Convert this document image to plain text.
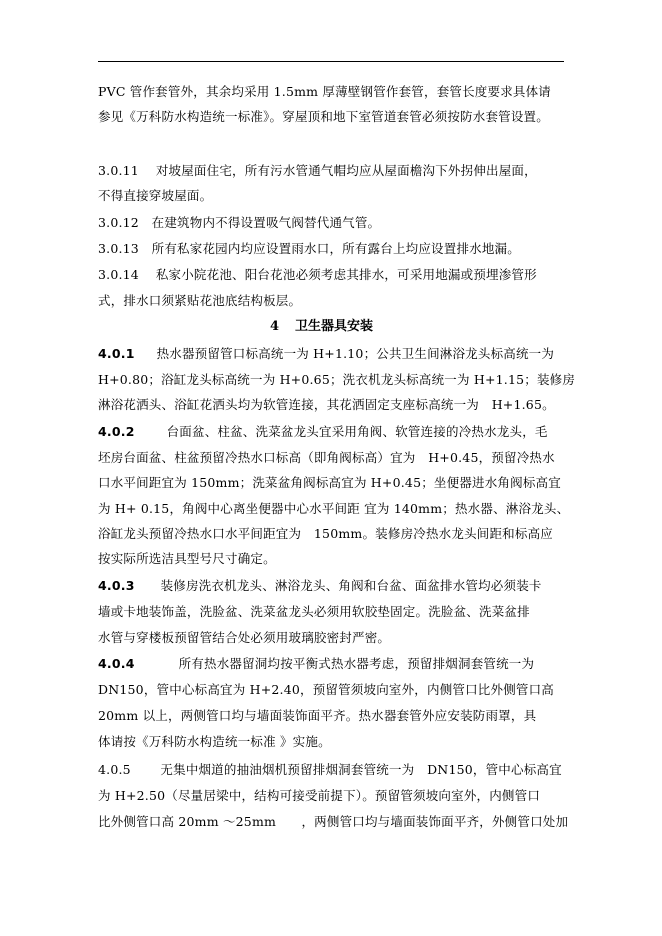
PVC 管作套管外，其余均采用 1.5mm 厚薄壁钢管作套管，套管长度要求具体请
参见《万科防水构造统一标准》。穿屋顶和地下室管道套管必须按防水套管设置。
3.0.11　 对坡屋面住宅，所有污水管通气帽均应从屋面檐沟下外拐伸出屋面，
不得直接穿坡屋面。
3.0.12　在建筑物内不得设置吸气阀替代通气管。
3.0.13　所有私家花园内均应设置雨水口，所有露台上均应设置排水地漏。
3.0.14　 私家小院花池、阳台花池必须考虑其排水，可采用地漏或预埋渗管形
式，排水口须紧贴花池底结构板层。
4 卫生器具安装
4.0.1 热水器预留管口标高统一为 H+1.10；公共卫生间淋浴龙头标高统一为
H+0.80；浴缸龙头标高统一为 H+0.65；洗衣机龙头标高统一为 H+1.15；装修房
淋浴花洒头、浴缸花洒头均为软管连接，其花洒固定支座标高统一为　H+1.65。
4.0.2	台面盆、柱盆、洗菜盆龙头宜采用角阀、软管连接的冷热水龙头，毛
坯房台面盆、柱盆预留冷热水口标高（即角阀标高）宜为　H+0.45，预留冷热水
口水平间距宜为 150mm；洗菜盆角阀标高宜为 H+0.45；坐便器进水角阀标高宜
为 H+ 0.15，角阀中心离坐便器中心水平间距 宜为 140mm；热水器、淋浴龙头、
浴缸龙头预留冷热水口水平间距宜为　150mm。装修房冷热水龙头间距和标高应
按实际所选洁具型号尺寸确定。
4.0.3 装修房洗衣机龙头、淋浴龙头、角阀和台盆、面盆排水管均必须装卡
墙或卡地装饰盖，洗脸盆、洗菜盆龙头必须用软胶垫固定。洗脸盆、洗菜盆排
水管与穿楼板预留管结合处必须用玻璃胶密封严密。
4.0.4	所有热水器留洞均按平衡式热水器考虑，预留排烟洞套管统一为
DN150，管中心标高宜为 H+2.40，预留管须坡向室外，内侧管口比外侧管口高
20mm 以上，两侧管口均与墙面装饰面平齐。热水器套管外应安装防雨罩，具
体请按《万科防水构造统一标准 》实施。
4.0.5　　 无集中烟道的抽油烟机预留排烟洞套管统一为　DN150，管中心标高宜
为 H+2.50（尽量居梁中，结构可接受前提下）。预留管须坡向室外，内侧管口
比外侧管口高 20mm ～25mm　　，两侧管口均与墙面装饰面平齐，外侧管口处加
